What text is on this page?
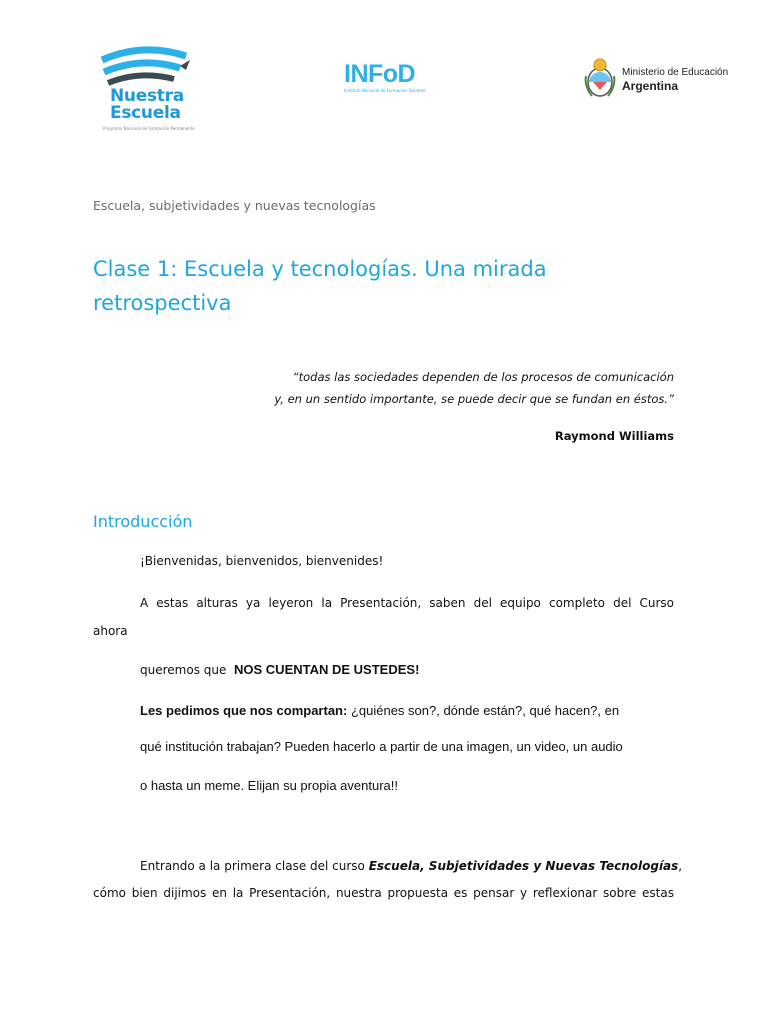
Nuestra
Escuela
Programa Nacional de Formación Permanente
INFoD
Instituto Nacional de Formación Docente
Ministerio de Educación
Argentina
Escuela, subjetividades y nuevas tecnologías
Clase 1: Escuela y tecnologías. Una mirada
retrospectiva
“todas las sociedades dependen de los procesos de comunicación
y, en un sentido importante, se puede decir que se fundan en éstos.”
Raymond Williams
Introducción
¡Bienvenidas, bienvenidos, bienvenides!
A estas alturas ya leyeron la Presentación, saben del equipo completo del Curso
ahora
queremos que NOS CUENTAN DE USTEDES!
Les pedimos que nos compartan: ¿quiénes son?, dónde están?, qué hacen?, en
qué institución trabajan? Pueden hacerlo a partir de una imagen, un video, un audio
o hasta un meme. Elijan su propia aventura!!
Entrando a la primera clase del curso Escuela, Subjetividades y Nuevas Tecnologías,
cómo bien dijimos en la Presentación, nuestra propuesta es pensar y reflexionar sobre estas
